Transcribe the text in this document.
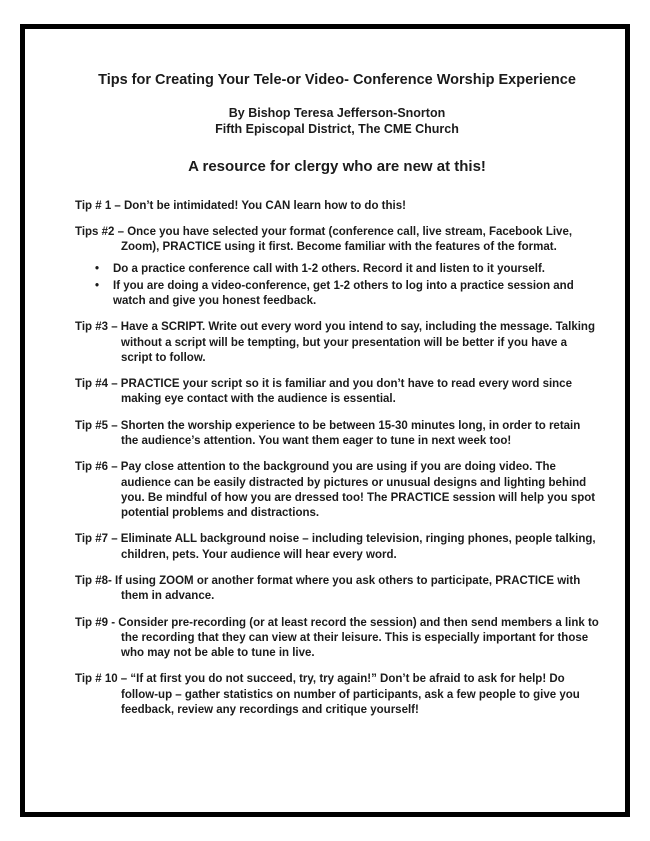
Tips for Creating Your Tele-or Video- Conference Worship Experience

By Bishop Teresa Jefferson-Snorton

Fifth Episcopal District, The CME Church

A resource for clergy who are new at this!

Tip # 1 – Don’t be intimidated! You CAN learn how to do this!

Tips #2 – Once you have selected your format (conference call, live stream, Facebook Live, Zoom), PRACTICE using it first. Become familiar with the features of the format.

• Do a practice conference call with 1-2 others. Record it and listen to it yourself.
• If you are doing a video-conference, get 1-2 others to log into a practice session and watch and give you honest feedback.

Tip #3 – Have a SCRIPT. Write out every word you intend to say, including the message. Talking without a script will be tempting, but your presentation will be better if you have a script to follow.

Tip #4 – PRACTICE your script so it is familiar and you don’t have to read every word since making eye contact with the audience is essential.

Tip #5 – Shorten the worship experience to be between 15-30 minutes long, in order to retain the audience’s attention. You want them eager to tune in next week too!

Tip #6 – Pay close attention to the background you are using if you are doing video. The audience can be easily distracted by pictures or unusual designs and lighting behind you. Be mindful of how you are dressed too! The PRACTICE session will help you spot potential problems and distractions.

Tip #7 – Eliminate ALL background noise – including television, ringing phones, people talking, children, pets. Your audience will hear every word.

Tip #8- If using ZOOM or another format where you ask others to participate, PRACTICE with them in advance.

Tip #9 - Consider pre-recording (or at least record the session) and then send members a link to the recording that they can view at their leisure. This is especially important for those who may not be able to tune in live.

Tip # 10 – “If at first you do not succeed, try, try again!” Don’t be afraid to ask for help! Do follow-up – gather statistics on number of participants, ask a few people to give you feedback, review any recordings and critique yourself!
